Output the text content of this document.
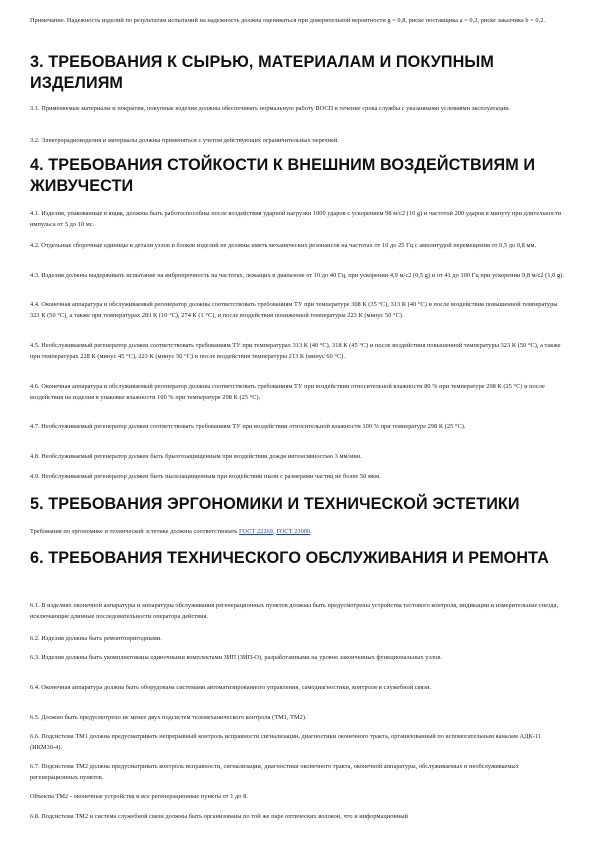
Примечание. Надежность изделий по результатам испытаний на надежность должна оцениваться при доверительной вероятности g = 0,8, риске поставщика a = 0,2, риске заказчика b = 0,2.

3. ТРЕБОВАНИЯ К СЫРЬЮ, МАТЕРИАЛАМ И ПОКУПНЫМ ИЗДЕЛИЯМ

3.1. Применяемые материалы и покрытия, покупные изделия должны обеспечивать нормальную работу ВОСП в течение срока службы с указанными условиями эксплуатации.

3.2. Электрорадиоизделия и материалы должны применяться с учетом действующих ограничительных перечней.

4. ТРЕБОВАНИЯ СТОЙКОСТИ К ВНЕШНИМ ВОЗДЕЙСТВИЯМ И ЖИВУЧЕСТИ

4.1. Изделия, упакованные в ящик, должны быть работоспособны после воздействия ударной нагрузки 1000 ударов с ускорением 98 м/с2 (10 g) и частотой 200 ударов в минуту при длительности импульса от 5 до 10 мс.

4.2. Отдельные сборочные единицы и детали узлов и блоков изделий не должны иметь механических резонансов на частотах от 10 до 25 Гц с амплитудой перемещения от 0,5 до 0,8 мм.

4.3. Изделия должны выдерживать испытание на вибропрочность на частотах, лежащих в диапазоне от 10 до 40 Гц, при ускорении 4,9 м/с2 (0,5 g) и от 41 до 100 Гц при ускорении 9,8 м/с2 (1,0 g).

4.4. Оконечная аппаратура и обслуживаемый регенератор должны соответствовать требованиям ТУ при температуре 308 К (35 °С), 313 К (40 °С) и после воздействия повышенной температуры 323 К (50 °С), а также при температурах 283 К (10 °С), 274 К (1 °С), и после воздействия пониженной температуры 223 К (минус 50 °С).

4.5. Необслуживаемый регенератор должен соответствовать требованиям ТУ при температурах 313 К (40 °С), 318 К (45 °С) и после воздействия повышенной температуры 323 К (50 °С), а также при температурах 228 К (минус 45 °С), 223 К (минус 50 °С) и после воздействия температуры 213 К (минус 60 °С).

4.6. Оконечная аппаратура и обслуживаемый регенератор должны соответствовать требованиям ТУ при воздействии относительной влажности 80 % при температуре 298 К (25 °С) и после воздействия на изделия в упаковке влажности 100 % при температуре 298 К (25 °С).

4.7. Необслуживаемый регенератор должен соответствовать требованиям ТУ при воздействии относительной влажности 100 % при температуре 298 К (25 °С).

4.8. Необслуживаемый регенератор должен быть брызгозащищенным при воздействии дождя интенсивностью 3 мм/мин.

4.9. Необслуживаемый регенератор должен быть пылезащищенным при воздействии пыли с размерами частиц не более 50 мкм.

5. ТРЕБОВАНИЯ ЭРГОНОМИКИ И ТЕХНИЧЕСКОЙ ЭСТЕТИКИ

Требования по эргономике и технической эстетике должны соответствовать ГОСТ 22269, ГОСТ 23000.

6. ТРЕБОВАНИЯ ТЕХНИЧЕСКОГО ОБСЛУЖИВАНИЯ И РЕМОНТА

6.1. В изделиях оконечной аппаратуры и аппаратуры обслуживания регенерационных пунктов должны быть предусмотрены устройства тестового контроля, индикации и измерительные гнезда, исключающие длинные последовательности оператора действия.

6.2. Изделия должны быть ремонтопригодными.

6.3. Изделия должны быть укомплектованы одиночными комплектами ЗИП (ЗИП-О), разработанными на уровне законченных функциональных узлов.

6.4. Оконечная аппаратура должна быть оборудована системами автоматизированного управления, самодиагностики, контроля и служебной связи.

6.5. Должно быть предусмотрено не менее двух подсистем телемеханического контроля (ТМ1, ТМ2).

6.6. Подсистема ТМ1 должна предусматривать непрерывный контроль исправности сигнализации, диагностики оконечного тракта, организованный по вспомогательным каналам АДК-11 (ИКМ30-4).

6.7. Подсистема ТМ2 должна предусматривать контроль исправности, сигнализации, диагностики оконечного тракта, оконечной аппаратуры, обслуживаемых и необслуживаемых регенерационных пунктов.

Объекты ТМ2 - оконечные устройства и все регенерационные пункты от 1 до 8.

6.8. Подсистема ТМ2 и система служебной связи должны быть организованы по той же паре оптических волокон, что и информационный
